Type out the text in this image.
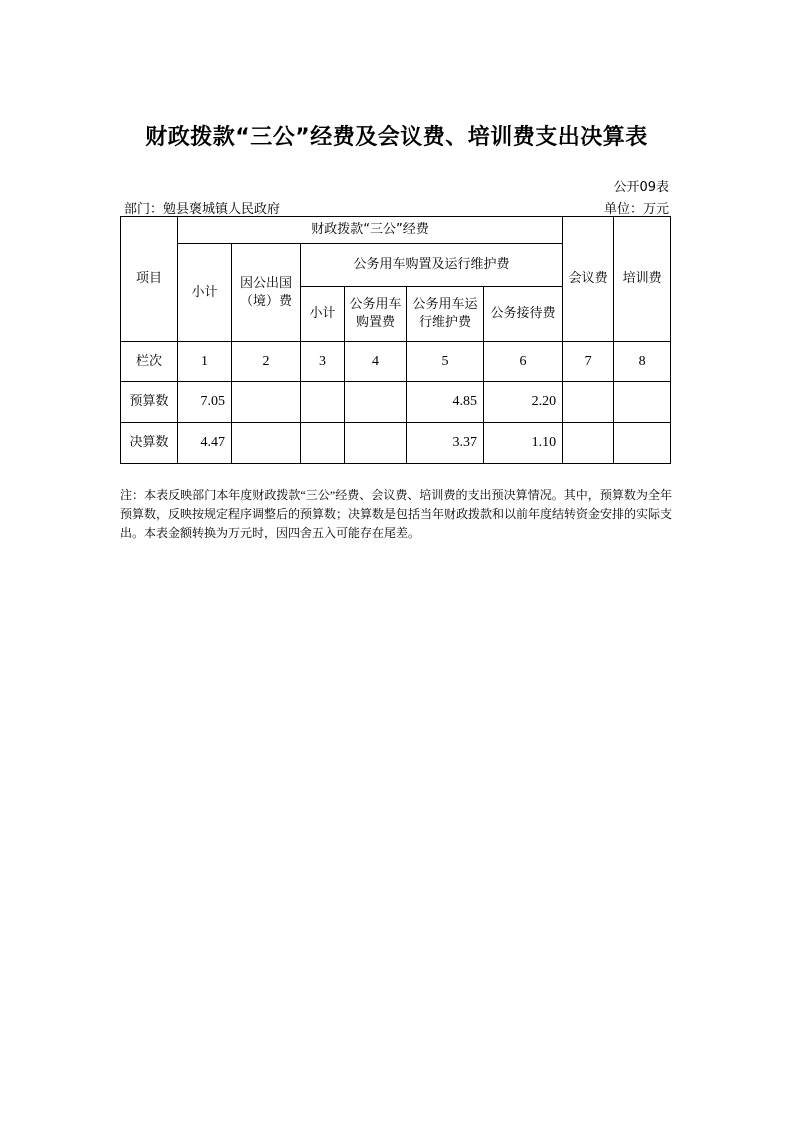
财政拨款“三公”经费及会议费、培训费支出决算表
公开09表
部门：勉县褒城镇人民政府	单位：万元
项目	财政拨款“三公”经费						会议费	培训费
	小计	因公出国（境）费	公务用车购置及运行维护费					
			小计	公务用车购置费	公务用车运行维护费	公务接待费		
栏次	1	2	3	4	5	6	7	8
预算数	7.05				4.85	2.20		
决算数	4.47				3.37	1.10		
注：本表反映部门本年度财政拨款“三公”经费、会议费、培训费的支出预决算情况。其中，预算数为全年预算数，反映按规定程序调整后的预算数；决算数是包括当年财政拨款和以前年度结转资金安排的实际支出。本表金额转换为万元时，因四舍五入可能存在尾差。
